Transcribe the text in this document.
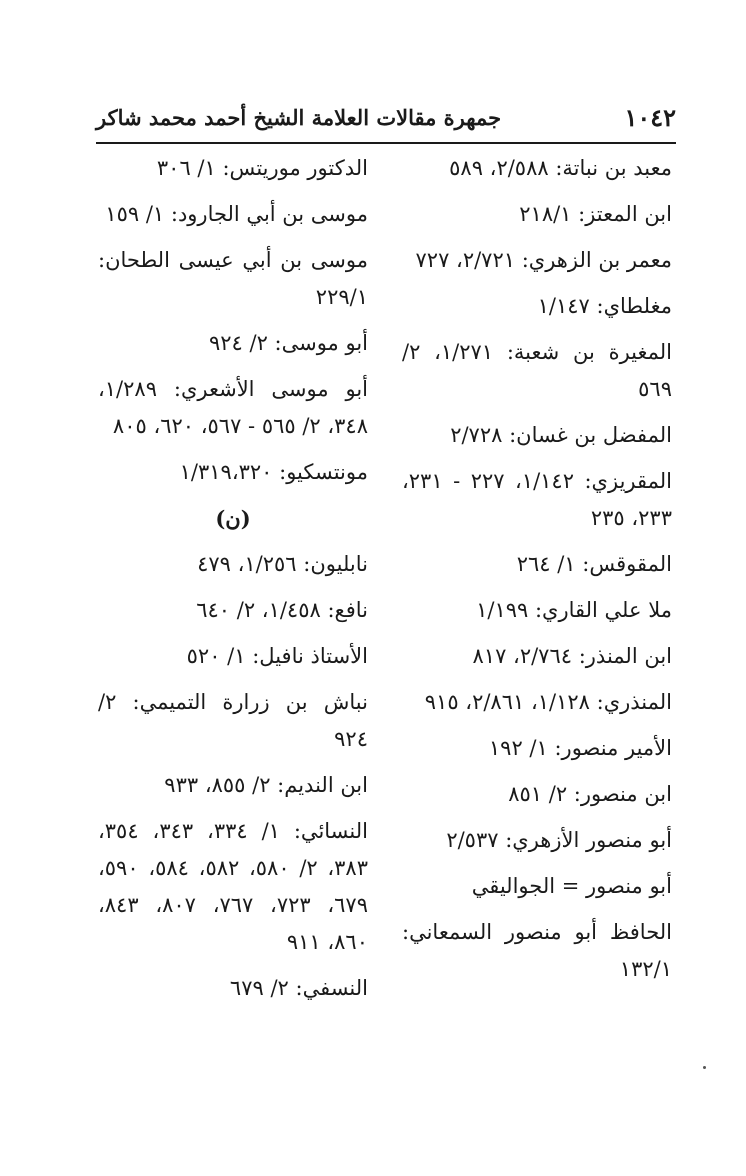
١٠٤٢
جمهرة مقالات العلامة الشيخ أحمد محمد شاكر
معبد بن نباتة: ٢/٥٨٨، ٥٨٩
ابن المعتز: ٢١٨/١
معمر بن الزهري: ٢/٧٢١، ٧٢٧
مغلطاي: ١/١٤٧
المغيرة بن شعبة: ١/٢٧١، ٢/ ٥٦٩
المفضل بن غسان: ٢/٧٢٨
المقريزي: ١/١٤٢، ٢٢٧ - ٢٣١، ٢٣٣، ٢٣٥
المقوقس: ١/ ٢٦٤
ملا علي القاري: ١/١٩٩
ابن المنذر: ٢/٧٦٤، ٨١٧
المنذري: ١/١٢٨، ٢/٨٦١، ٩١٥
الأمير منصور: ١/ ١٩٢
ابن منصور: ٢/ ٨٥١
أبو منصور الأزهري: ٢/٥٣٧
أبو منصور = الجواليقي
الحافظ أبو منصور السمعاني: ١٣٢/١
الدكتور موريتس: ١/ ٣٠٦
موسى بن أبي الجارود: ١/ ١٥٩
موسى بن أبي عيسى الطحان: ٢٢٩/١
أبو موسى: ٢/ ٩٢٤
أبو موسى الأشعري: ١/٢٨٩، ٣٤٨، ٢/ ٥٦٥ - ٥٦٧، ٦٢٠، ٨٠٥
مونتسكيو: ١/٣١٩،٣٢٠
(ن)
نابليون: ١/٢٥٦، ٤٧٩
نافع: ١/٤٥٨، ٢/ ٦٤٠
الأستاذ نافيل: ١/ ٥٢٠
نباش بن زرارة التميمي: ٢/ ٩٢٤
ابن النديم: ٢/ ٨٥٥، ٩٣٣
النسائي: ١/ ٣٣٤، ٣٤٣، ٣٥٤، ٣٨٣، ٢/ ٥٨٠، ٥٨٢، ٥٨٤، ٥٩٠، ٦٧٩، ٧٢٣، ٧٦٧، ٨٠٧، ٨٤٣، ٨٦٠، ٩١١
النسفي: ٢/ ٦٧٩
